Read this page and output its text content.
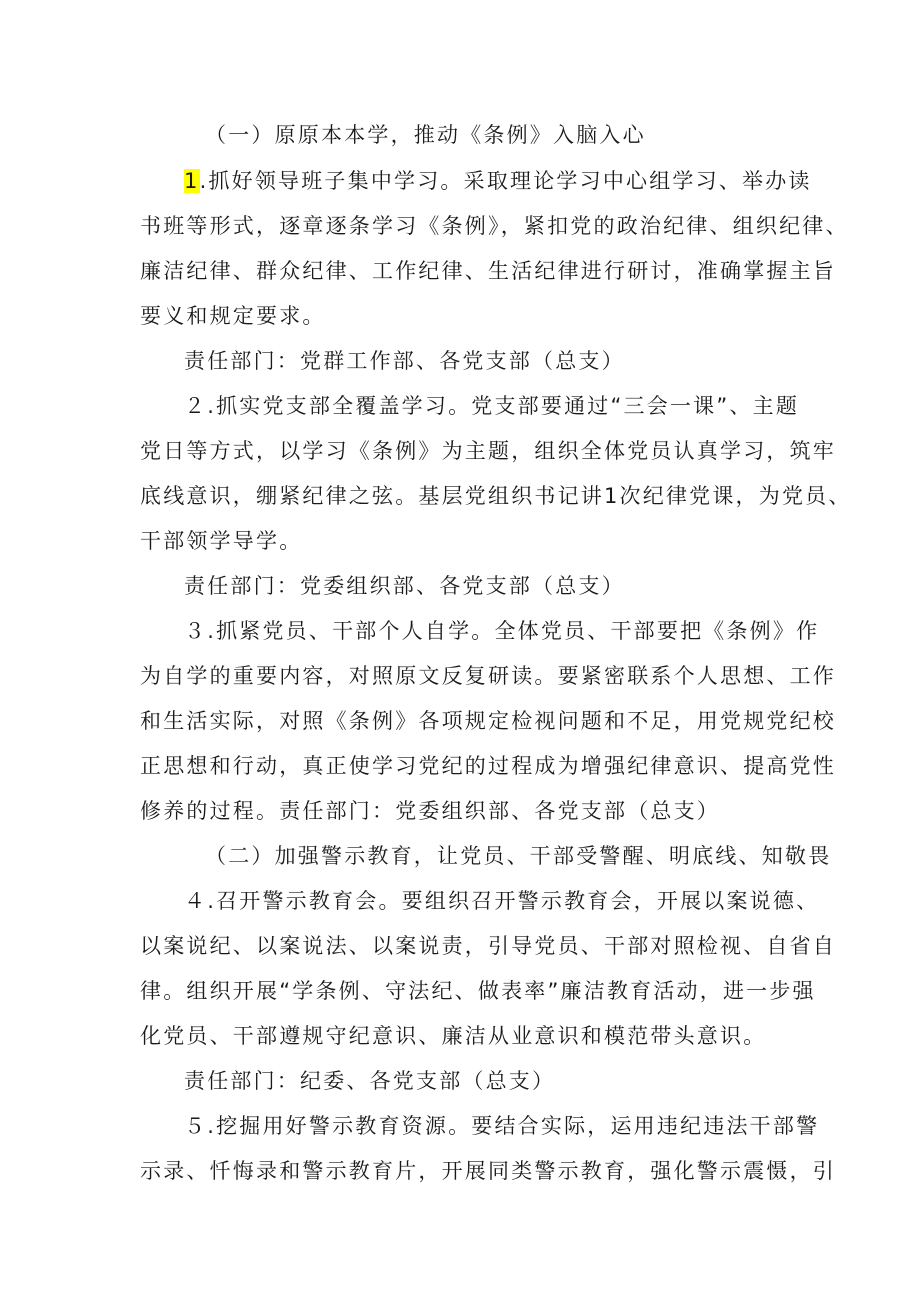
（一）原原本本学，推动《条例》入脑入心
1.抓好领导班子集中学习。采取理论学习中心组学习、举办读
书班等形式，逐章逐条学习《条例》，紧扣党的政治纪律、组织纪律、
廉洁纪律、群众纪律、工作纪律、生活纪律进行研讨，准确掌握主旨
要义和规定要求。
责任部门：党群工作部、各党支部（总支）
２.抓实党支部全覆盖学习。党支部要通过“三会一课”、主题
党日等方式，以学习《条例》为主题，组织全体党员认真学习，筑牢
底线意识，绷紧纪律之弦。基层党组织书记讲1次纪律党课，为党员、
干部领学导学。
责任部门：党委组织部、各党支部（总支）
３.抓紧党员、干部个人自学。全体党员、干部要把《条例》作
为自学的重要内容，对照原文反复研读。要紧密联系个人思想、工作
和生活实际，对照《条例》各项规定检视问题和不足，用党规党纪校
正思想和行动，真正使学习党纪的过程成为增强纪律意识、提高党性
修养的过程。责任部门：党委组织部、各党支部（总支）
（二）加强警示教育，让党员、干部受警醒、明底线、知敬畏
４.召开警示教育会。要组织召开警示教育会，开展以案说德、
以案说纪、以案说法、以案说责，引导党员、干部对照检视、自省自
律。组织开展“学条例、守法纪、做表率”廉洁教育活动，进一步强
化党员、干部遵规守纪意识、廉洁从业意识和模范带头意识。
责任部门：纪委、各党支部（总支）
５.挖掘用好警示教育资源。要结合实际，运用违纪违法干部警
示录、忏悔录和警示教育片，开展同类警示教育，强化警示震慑，引
